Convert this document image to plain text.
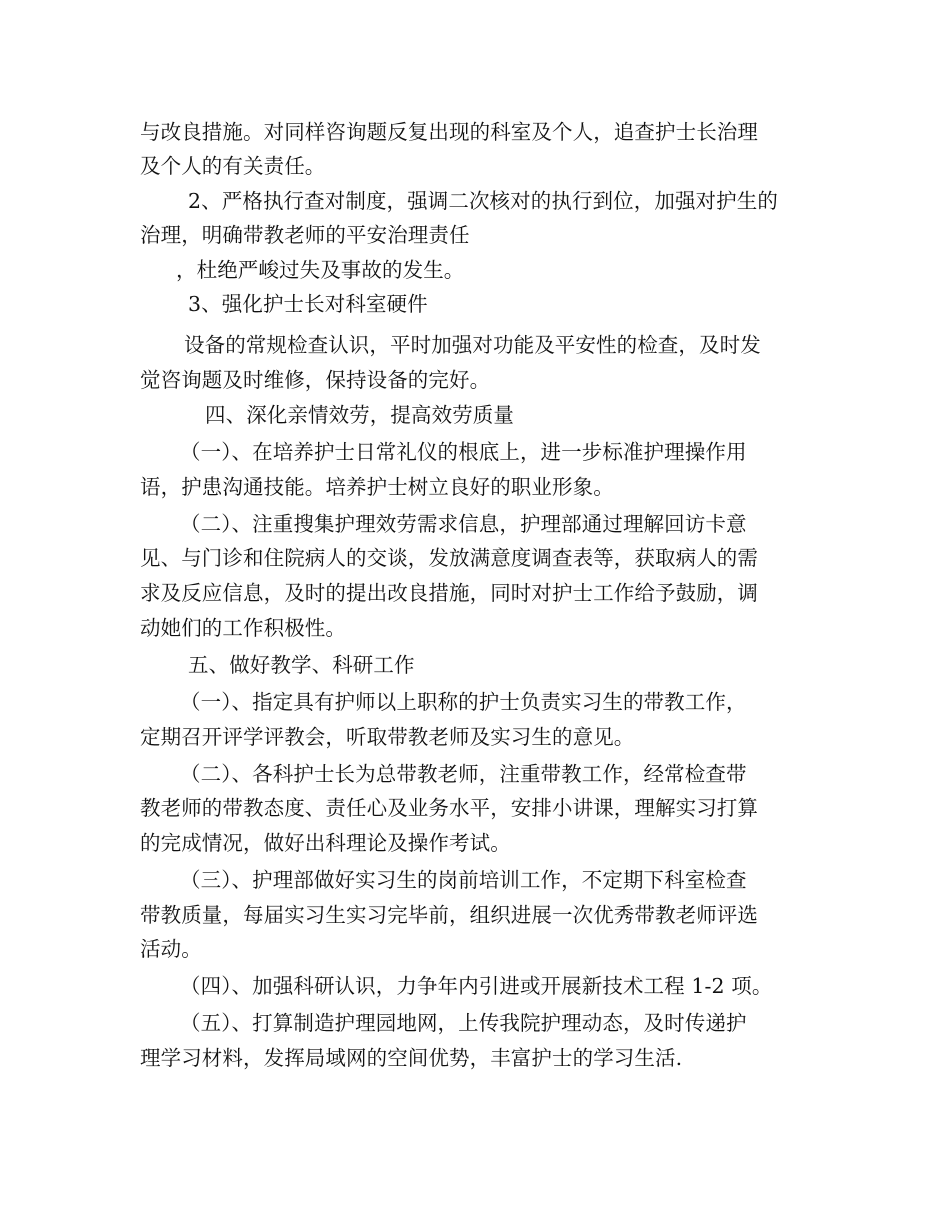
与改良措施。对同样咨询题反复出现的科室及个人，追查护士长治理
及个人的有关责任。
2、严格执行查对制度，强调二次核对的执行到位，加强对护生的
治理，明确带教老师的平安治理责任
，杜绝严峻过失及事故的发生。
3、强化护士长对科室硬件
设备的常规检查认识，平时加强对功能及平安性的检查，及时发
觉咨询题及时维修，保持设备的完好。
四、深化亲情效劳，提高效劳质量
（一）、在培养护士日常礼仪的根底上，进一步标准护理操作用
语，护患沟通技能。培养护士树立良好的职业形象。
（二）、注重搜集护理效劳需求信息，护理部通过理解回访卡意
见、与门诊和住院病人的交谈，发放满意度调查表等，获取病人的需
求及反应信息，及时的提出改良措施，同时对护士工作给予鼓励，调
动她们的工作积极性。
五、做好教学、科研工作
（一）、指定具有护师以上职称的护士负责实习生的带教工作，
定期召开评学评教会，听取带教老师及实习生的意见。
（二）、各科护士长为总带教老师，注重带教工作，经常检查带
教老师的带教态度、责任心及业务水平，安排小讲课，理解实习打算
的完成情况，做好出科理论及操作考试。
（三）、护理部做好实习生的岗前培训工作，不定期下科室检查
带教质量，每届实习生实习完毕前，组织进展一次优秀带教老师评选
活动。
（四）、加强科研认识，力争年内引进或开展新技术工程 1-2 项。
（五）、打算制造护理园地网，上传我院护理动态，及时传递护
理学习材料，发挥局域网的空间优势，丰富护士的学习生活.
